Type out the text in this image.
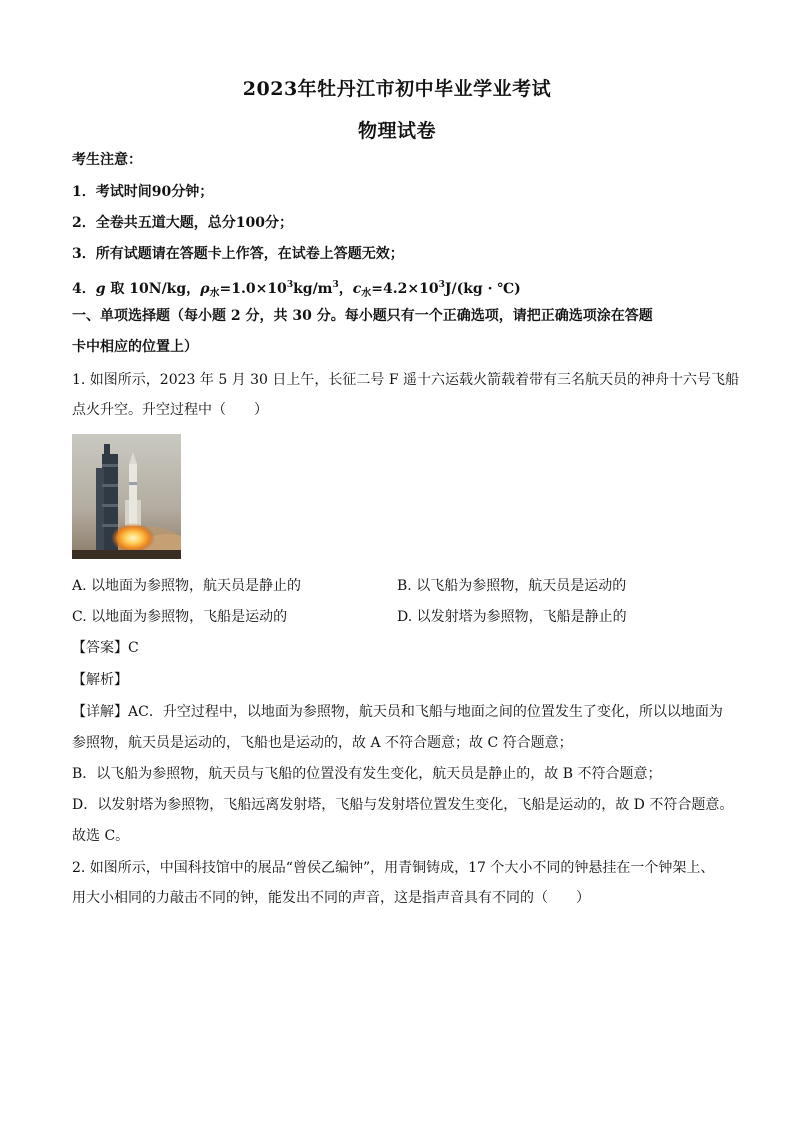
2023年牡丹江市初中毕业学业考试
物理试卷
考生注意：
1．考试时间90分钟；
2．全卷共五道大题，总分100分；
3．所有试题请在答题卡上作答，在试卷上答题无效；
4．g 取 10N/kg，$\rho_水=1.0\times 10^3kg/m^3$，$c_水=4.2\times 10^3J/(kg$ · ℃)
一、单项选择题（每小题 2 分，共 30 分。每小题只有一个正确选项，请把正确选项涂在答题
卡中相应的位置上）
1. 如图所示，2023 年 5 月 30 日上午，长征二号 F 遥十六运载火箭载着带有三名航天员的神舟十六号飞船
点火升空。升空过程中（　　）
A. 以地面为参照物，航天员是静止的	B. 以飞船为参照物，航天员是运动的
C. 以地面为参照物，飞船是运动的	D. 以发射塔为参照物，飞船是静止的
【答案】C
【解析】
【详解】AC．升空过程中，以地面为参照物，航天员和飞船与地面之间的位置发生了变化，所以以地面为
参照物，航天员是运动的，飞船也是运动的，故 A 不符合题意；故 C 符合题意；
B．以飞船为参照物，航天员与飞船的位置没有发生变化，航天员是静止的，故 B 不符合题意；
D．以发射塔为参照物，飞船远离发射塔，飞船与发射塔位置发生变化，飞船是运动的，故 D 不符合题意。
故选 C。
2. 如图所示，中国科技馆中的展品“曾侯乙编钟”，用青铜铸成，17 个大小不同的钟悬挂在一个钟架上、
用大小相同的力敲击不同的钟，能发出不同的声音，这是指声音具有不同的（　　）
